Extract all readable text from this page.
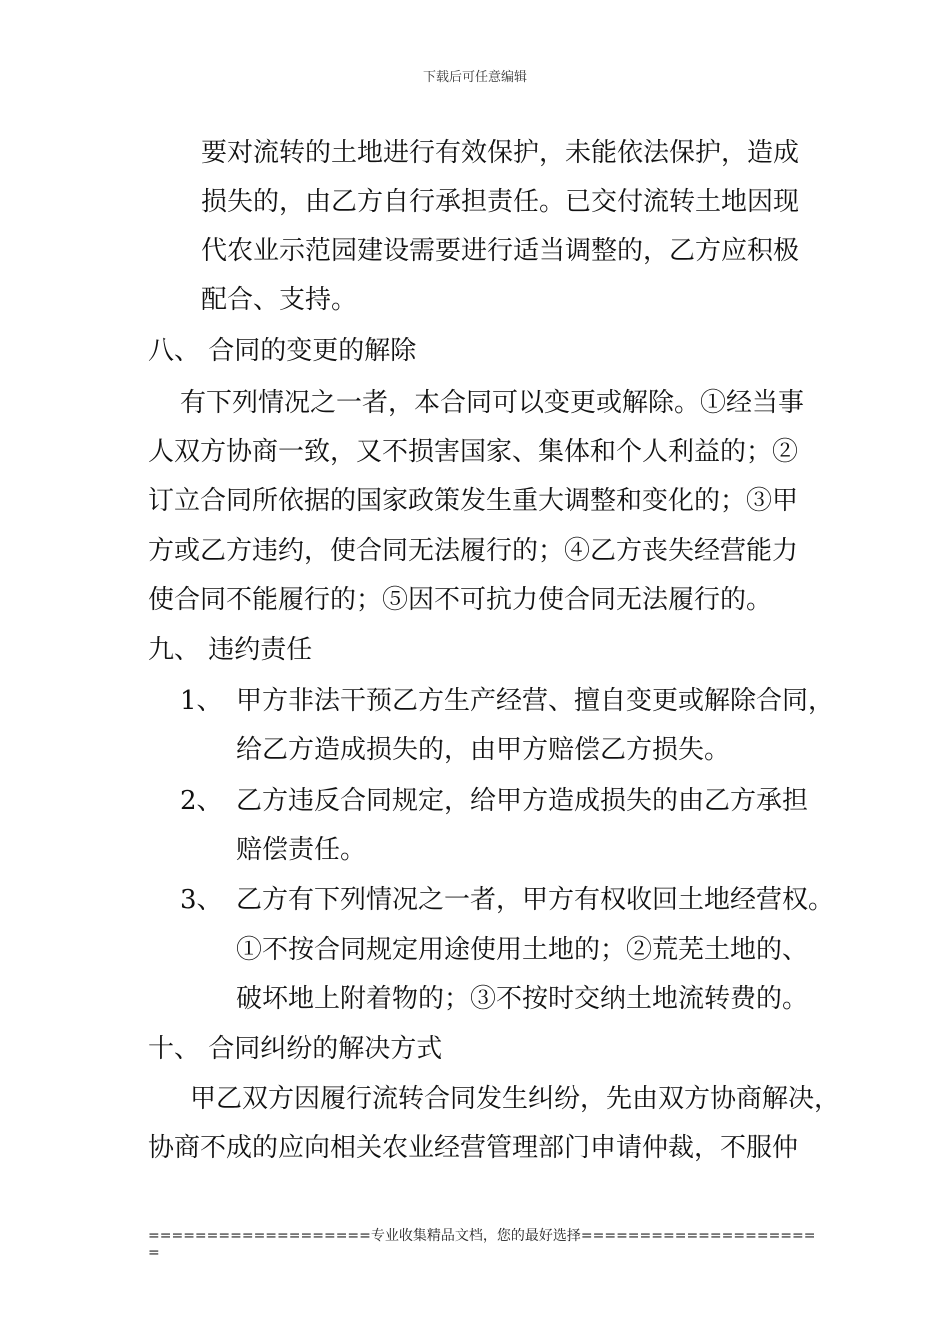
下载后可任意编辑
要对流转的土地进行有效保护，未能依法保护，造成
损失的，由乙方自行承担责任。已交付流转土地因现
代农业示范园建设需要进行适当调整的，乙方应积极
配合、支持。
八、 合同的变更的解除
有下列情况之一者，本合同可以变更或解除。①经当事
人双方协商一致，又不损害国家、集体和个人利益的；②
订立合同所依据的国家政策发生重大调整和变化的；③甲
方或乙方违约，使合同无法履行的；④乙方丧失经营能力
使合同不能履行的；⑤因不可抗力使合同无法履行的。
九、 违约责任
1、 甲方非法干预乙方生产经营、擅自变更或解除合同，
给乙方造成损失的，由甲方赔偿乙方损失。
2、 乙方违反合同规定，给甲方造成损失的由乙方承担
赔偿责任。
3、 乙方有下列情况之一者，甲方有权收回土地经营权。
①不按合同规定用途使用土地的；②荒芜土地的、
破坏地上附着物的；③不按时交纳土地流转费的。
十、 合同纠纷的解决方式
甲乙双方因履行流转合同发生纠纷，先由双方协商解决，
协商不成的应向相关农业经营管理部门申请仲裁，不服仲
===================专业收集精品文档，您的最好选择====================
=
